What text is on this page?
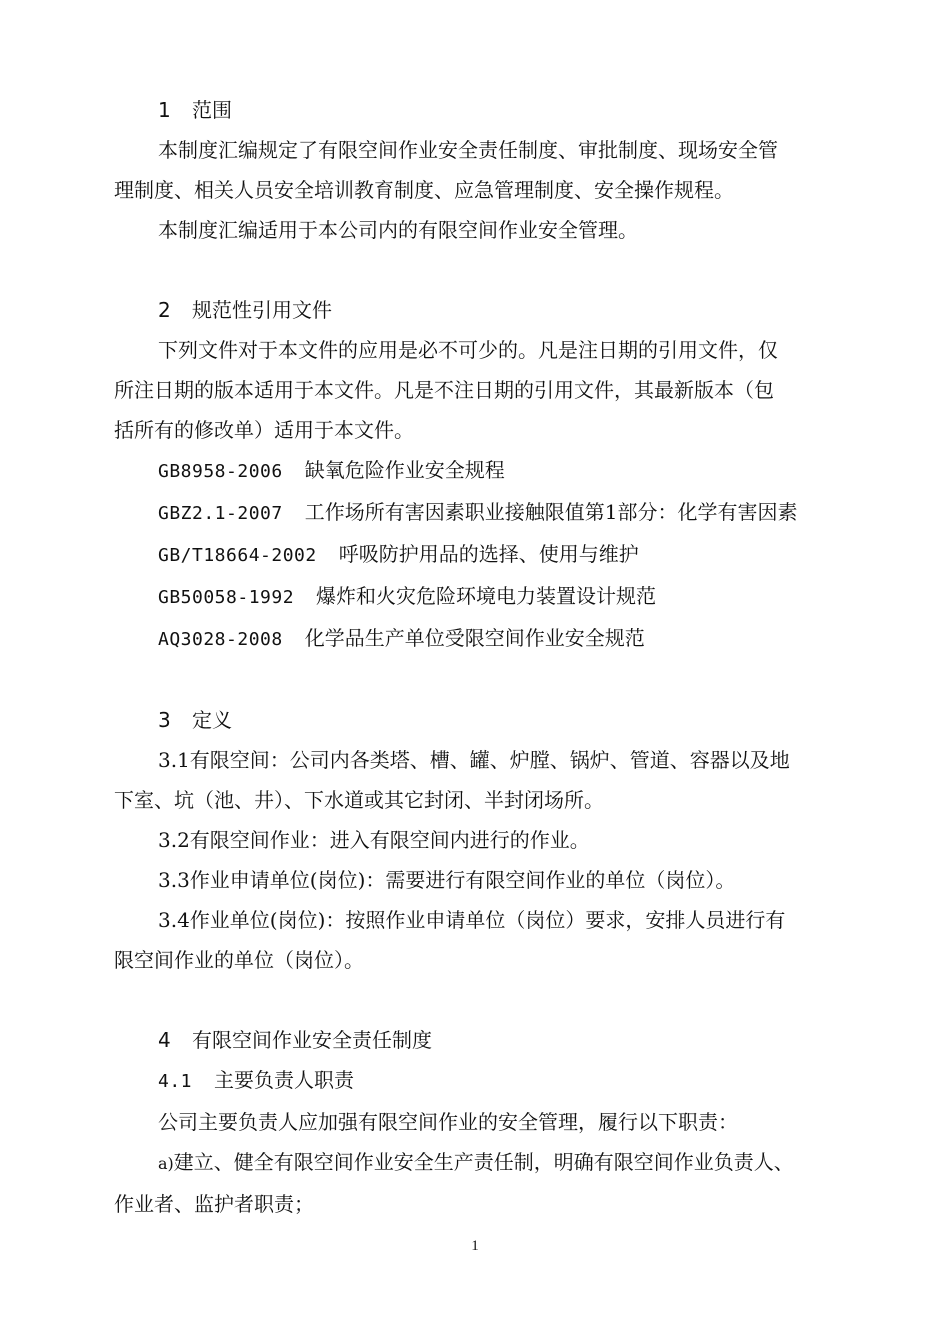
1 范围
本制度汇编规定了有限空间作业安全责任制度、审批制度、现场安全管
理制度、相关人员安全培训教育制度、应急管理制度、安全操作规程。
本制度汇编适用于本公司内的有限空间作业安全管理。
2 规范性引用文件
下列文件对于本文件的应用是必不可少的。凡是注日期的引用文件，仅
所注日期的版本适用于本文件。凡是不注日期的引用文件，其最新版本（包
括所有的修改单）适用于本文件。
GB8958-2006 缺氧危险作业安全规程
GBZ2.1-2007 工作场所有害因素职业接触限值第1部分：化学有害因素
GB/T18664-2002 呼吸防护用品的选择、使用与维护
GB50058-1992 爆炸和火灾危险环境电力装置设计规范
AQ3028-2008 化学品生产单位受限空间作业安全规范
3 定义
3.1有限空间：公司内各类塔、槽、罐、炉膛、锅炉、管道、容器以及地
下室、坑（池、井）、下水道或其它封闭、半封闭场所。
3.2有限空间作业：进入有限空间内进行的作业。
3.3作业申请单位(岗位)：需要进行有限空间作业的单位（岗位）。
3.4作业单位(岗位)：按照作业申请单位（岗位）要求，安排人员进行有
限空间作业的单位（岗位）。
4 有限空间作业安全责任制度
4.1 主要负责人职责
公司主要负责人应加强有限空间作业的安全管理，履行以下职责：
a)建立、健全有限空间作业安全生产责任制，明确有限空间作业负责人、
作业者、监护者职责；
1
